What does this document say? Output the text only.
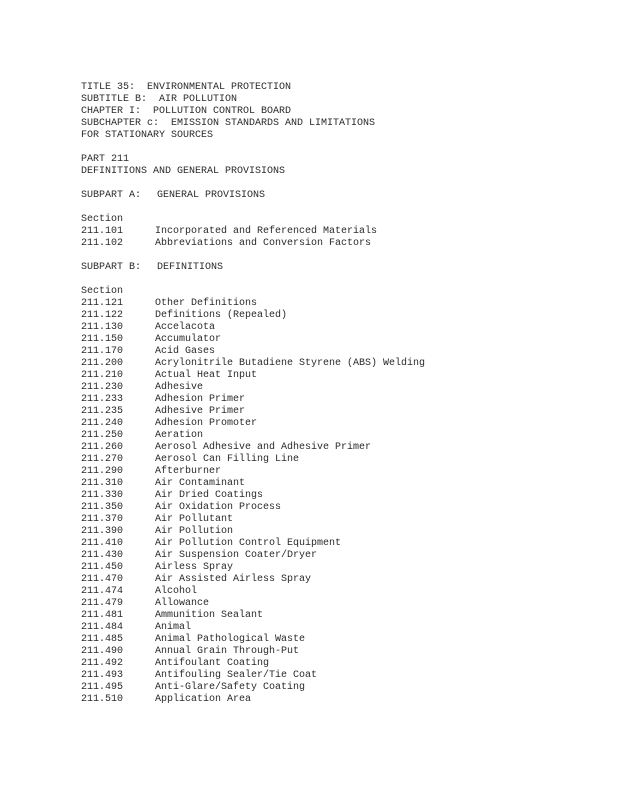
TITLE 35:  ENVIRONMENTAL PROTECTION
SUBTITLE B:  AIR POLLUTION
CHAPTER I:  POLLUTION CONTROL BOARD
SUBCHAPTER c:  EMISSION STANDARDS AND LIMITATIONS
FOR STATIONARY SOURCES
PART 211
DEFINITIONS AND GENERAL PROVISIONS
SUBPART A: GENERAL PROVISIONS
Section
211.101	Incorporated and Referenced Materials
211.102	Abbreviations and Conversion Factors
SUBPART B: DEFINITIONS
Section
211.121	Other Definitions
211.122	Definitions (Repealed)
211.130	Accelacota
211.150	Accumulator
211.170	Acid Gases
211.200	Acrylonitrile Butadiene Styrene (ABS) Welding
211.210	Actual Heat Input
211.230	Adhesive
211.233	Adhesion Primer
211.235	Adhesive Primer
211.240	Adhesion Promoter
211.250	Aeration
211.260	Aerosol Adhesive and Adhesive Primer
211.270	Aerosol Can Filling Line
211.290	Afterburner
211.310	Air Contaminant
211.330	Air Dried Coatings
211.350	Air Oxidation Process
211.370	Air Pollutant
211.390	Air Pollution
211.410	Air Pollution Control Equipment
211.430	Air Suspension Coater/Dryer
211.450	Airless Spray
211.470	Air Assisted Airless Spray
211.474	Alcohol
211.479	Allowance
211.481	Ammunition Sealant
211.484	Animal
211.485	Animal Pathological Waste
211.490	Annual Grain Through-Put
211.492	Antifoulant Coating
211.493	Antifouling Sealer/Tie Coat
211.495	Anti-Glare/Safety Coating
211.510	Application Area
